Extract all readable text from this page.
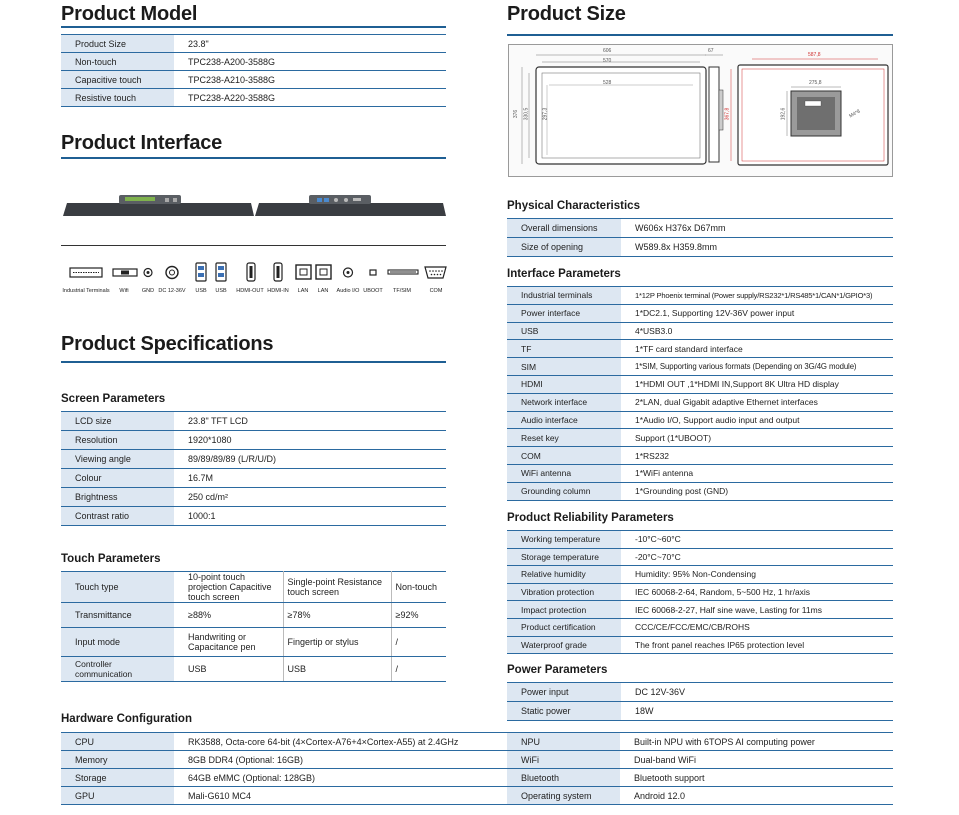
Product Model
Product Size	23.8"
Non-touch	TPC238-A200-3588G
Capacitive touch	TPC238-A210-3588G
Resistive touch	TPC238-A220-3588G
Product Interface
Industrial Terminals Wifi GND DC 12-36V USB USB HDMI-OUT HDMI-IN LAN LAN Audio I/O UBOOT TF/SIM	COM
Product Specifications
Screen Parameters
LCD size	23.8" TFT LCD
Resolution	1920*1080
Viewing angle	89/89/89/89 (L/R/U/D)
Colour	16.7M
Brightness	250 cd/m²
Contrast ratio	1000:1
Touch Parameters
Touch type	10-point touch projection Capacitive touch screen	Single-point Resistance touch screen	Non-touch
Transmittance	≥88%	≥78%	≥92%
Input mode	Handwriting or Capacitance pen	Fingertip or stylus	/
Controller communication	USB	USB	/
Hardware Configuration
CPU	RK3588, Octa-core 64-bit (4×Cortex-A76+4×Cortex-A55) at 2.4GHz	NPU	Built-in NPU with 6TOPS AI computing power
Memory	8GB DDR4 (Optional: 16GB)	WiFi	Dual-band WiFi
Storage	64GB eMMC (Optional: 128GB)	Bluetooth	Bluetooth support
GPU	Mali-G610 MC4	Operating system	Android 12.0
Product Size
606
570
528
67
587,8
275,8
376 330,5	297,3	367,8	192,6	M4*8
Physical Characteristics
Overall dimensions	W606x H376x D67mm
Size of opening	W589.8x H359.8mm
Interface Parameters
Industrial terminals	1*12P Phoenix terminal (Power supply/RS232*1/RS485*1/CAN*1/GPIO*3)
Power interface	1*DC2.1, Supporting 12V-36V power input
USB	4*USB3.0
TF	1*TF card standard interface
SIM	1*SIM, Supporting various formats (Depending on 3G/4G module)
HDMI	1*HDMI OUT ,1*HDMI IN,Support 8K Ultra HD display
Network interface	2*LAN, dual Gigabit adaptive Ethernet interfaces
Audio interface	1*Audio I/O, Support audio input and output
Reset key	Support (1*UBOOT)
COM	1*RS232
WiFi antenna	1*WiFi antenna
Grounding column	1*Grounding post (GND)
Product Reliability Parameters
Working temperature	-10°C~60°C
Storage temperature	-20°C~70°C
Relative humidity	Humidity: 95% Non-Condensing
Vibration protection	IEC 60068-2-64, Random, 5~500 Hz, 1 hr/axis
Impact protection	IEC 60068-2-27, Half sine wave, Lasting for 11ms
Product certification	CCC/CE/FCC/EMC/CB/ROHS
Waterproof grade	The front panel reaches IP65 protection level
Power Parameters
Power input	DC 12V-36V
Static power	18W
